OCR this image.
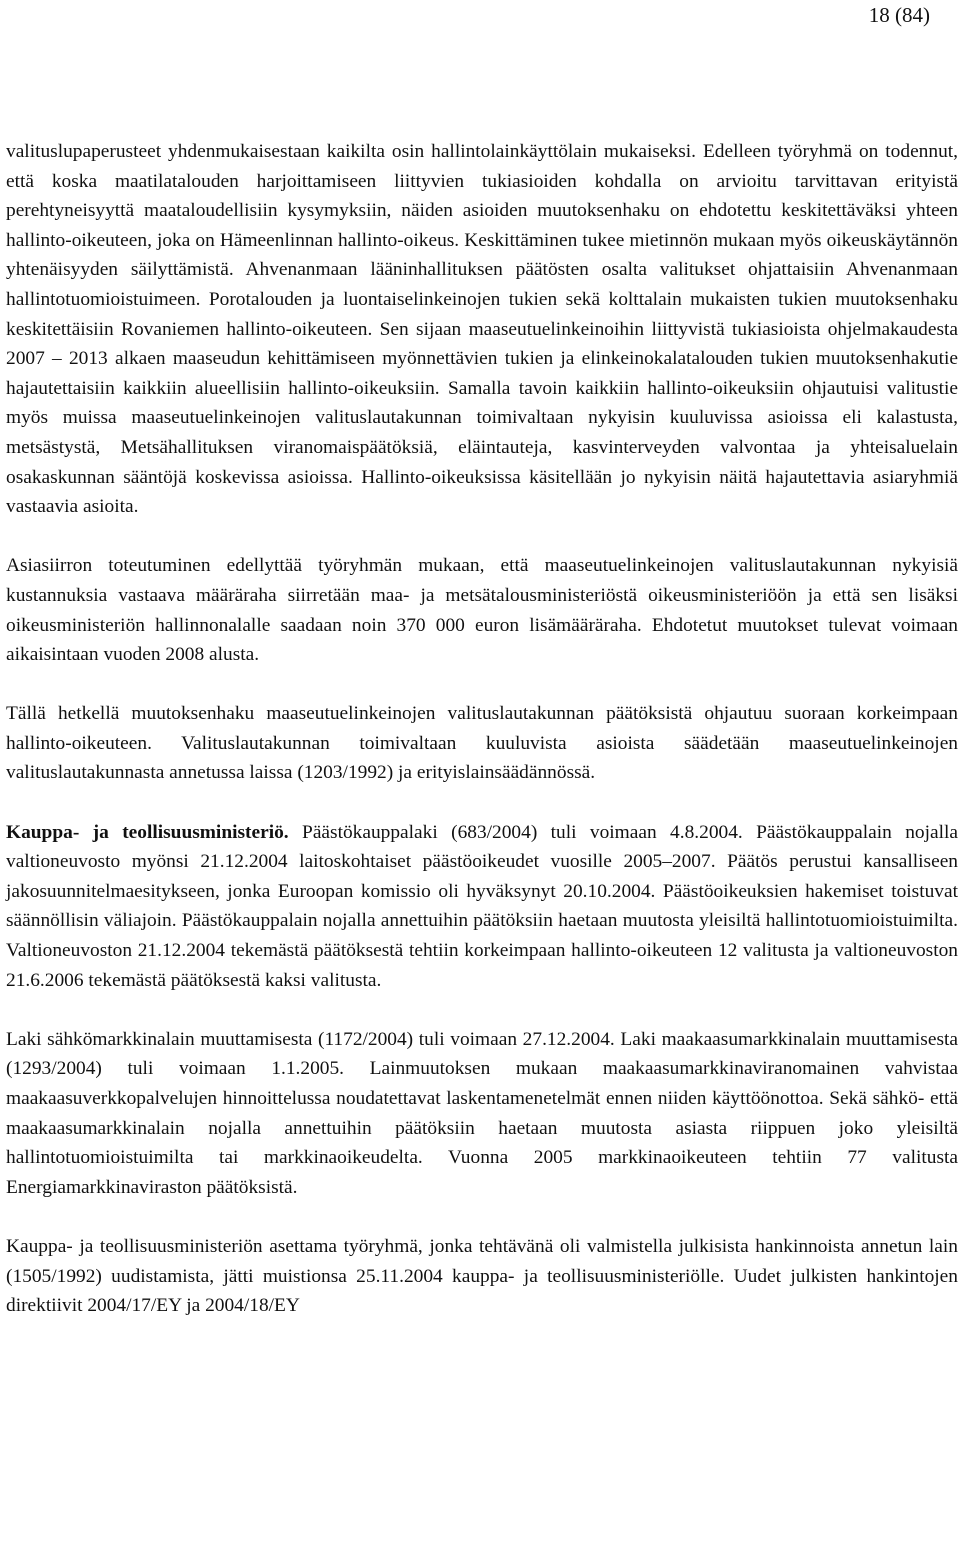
18 (84)

valituslupaperusteet yhdenmukaisestaan kaikilta osin hallintolainkäyttölain mukaiseksi. Edelleen työryhmä on todennut, että koska maatilatalouden harjoittamiseen liittyvien tukiasioiden kohdalla on arvioitu tarvittavan erityistä perehtyneisyyttä maataloudellisiin kysymyksiin, näiden asioiden muutoksenhaku on ehdotettu keskitettäväksi yhteen hallinto-oikeuteen, joka on Hämeenlinnan hallinto-oikeus. Keskittäminen tukee mietinnön mukaan myös oikeuskäytännön yhtenäisyyden säilyttämistä. Ahvenanmaan lääninhallituksen päätösten osalta valitukset ohjattaisiin Ahvenanmaan hallintotuomioistuimeen. Porotalouden ja luontaiselinkeinojen tukien sekä kolttalain mukaisten tukien muutoksenhaku keskitettäisiin Rovaniemen hallinto-oikeuteen. Sen sijaan maaseutuelinkeinoihin liittyvistä tukiasioista ohjelmakaudesta 2007 – 2013 alkaen maaseudun kehittämiseen myönnettävien tukien ja elinkeinokalatalouden tukien muutoksenhakutie hajautettaisiin kaikkiin alueellisiin hallinto-oikeuksiin. Samalla tavoin kaikkiin hallinto-oikeuksiin ohjautuisi valitustie myös muissa maaseutuelinkeinojen valituslautakunnan toimivaltaan nykyisin kuuluvissa asioissa eli kalastusta, metsästystä, Metsähallituksen viranomaispäätöksiä, eläintauteja, kasvinterveyden valvontaa ja yhteisaluelain osakaskunnan sääntöjä koskevissa asioissa. Hallinto-oikeuksissa käsitellään jo nykyisin näitä hajautettavia asiaryhmiä vastaavia asioita.

Asiasiirron toteutuminen edellyttää työryhmän mukaan, että maaseutuelinkeinojen valituslautakunnan nykyisiä kustannuksia vastaava määräraha siirretään maa- ja metsätalousministeriöstä oikeusministeriöön ja että sen lisäksi oikeusministeriön hallinnonalalle saadaan noin 370 000 euron lisämääräraha. Ehdotetut muutokset tulevat voimaan aikaisintaan vuoden 2008 alusta.

Tällä hetkellä muutoksenhaku maaseutuelinkeinojen valituslautakunnan päätöksistä ohjautuu suoraan korkeimpaan hallinto-oikeuteen. Valituslautakunnan toimivaltaan kuuluvista asioista säädetään maaseutuelinkeinojen valituslautakunnasta annetussa laissa (1203/1992) ja erityislainsäädännössä.

Kauppa- ja teollisuusministeriö. Päästökauppalaki (683/2004) tuli voimaan 4.8.2004. Päästökauppalain nojalla valtioneuvosto myönsi 21.12.2004 laitoskohtaiset päästöoikeudet vuosille 2005–2007. Päätös perustui kansalliseen jakosuunnitelmaesitykseen, jonka Euroopan komissio oli hyväksynyt 20.10.2004. Päästöoikeuksien hakemiset toistuvat säännöllisin väliajoin. Päästökauppalain nojalla annettuihin päätöksiin haetaan muutosta yleisiltä hallintotuomioistuimilta. Valtioneuvoston 21.12.2004 tekemästä päätöksestä tehtiin korkeimpaan hallinto-oikeuteen 12 valitusta ja valtioneuvoston 21.6.2006 tekemästä päätöksestä kaksi valitusta.

Laki sähkömarkkinalain muuttamisesta (1172/2004) tuli voimaan 27.12.2004. Laki maakaasumarkkinalain muuttamisesta (1293/2004) tuli voimaan 1.1.2005. Lainmuutoksen mukaan maakaasumarkkinaviranomainen vahvistaa maakaasuverkkopalvelujen hinnoittelussa noudatettavat laskentamenetelmät ennen niiden käyttöönottoa. Sekä sähkö- että maakaasumarkkinalain nojalla annettuihin päätöksiin haetaan muutosta asiasta riippuen joko yleisiltä hallintotuomioistuimilta tai markkinaoikeudelta. Vuonna 2005 markkinaoikeuteen tehtiin 77 valitusta Energiamarkkinaviraston päätöksistä.

Kauppa- ja teollisuusministeriön asettama työryhmä, jonka tehtävänä oli valmistella julkisista hankinnoista annetun lain (1505/1992) uudistamista, jätti muistionsa 25.11.2004 kauppa- ja teollisuusministeriölle. Uudet julkisten hankintojen direktiivit 2004/17/EY ja 2004/18/EY
